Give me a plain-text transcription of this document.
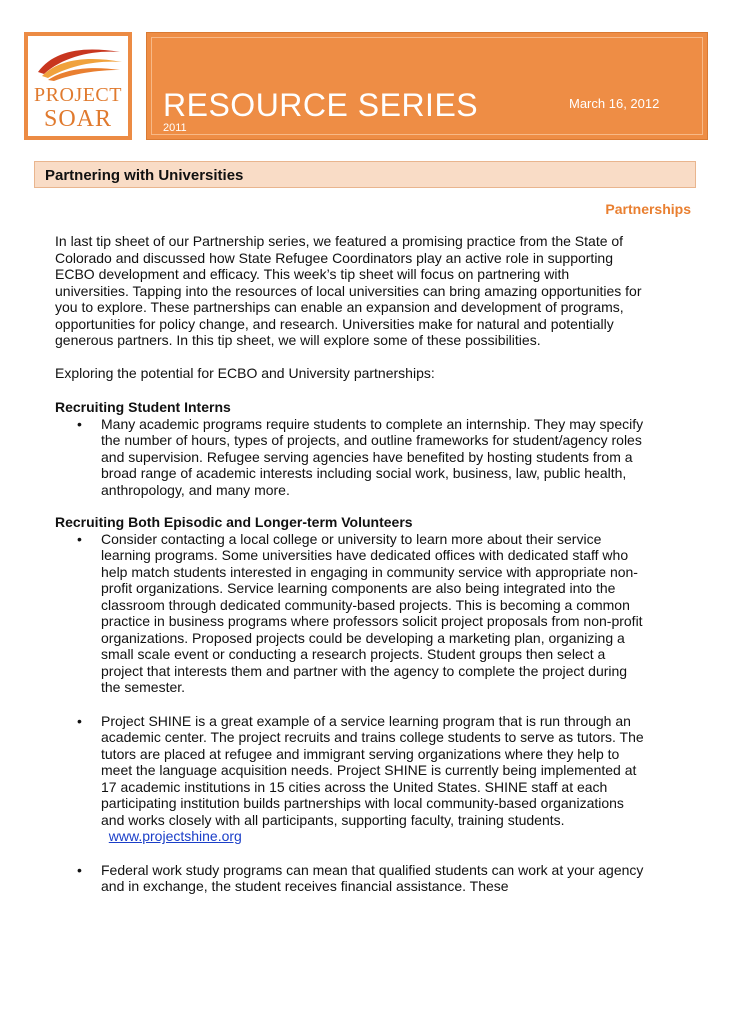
PROJECT
SOAR	RESOURCE SERIES
2011
March 16, 2012
Partnering with Universities
Partnerships

In last tip sheet of our Partnership series, we featured a promising practice from the State of Colorado and discussed how State Refugee Coordinators play an active role in supporting ECBO development and efficacy. This week’s tip sheet will focus on partnering with universities. Tapping into the resources of local universities can bring amazing opportunities for you to explore. These partnerships can enable an expansion and development of programs, opportunities for policy change, and research. Universities make for natural and potentially generous partners. In this tip sheet, we will explore some of these possibilities.

Exploring the potential for ECBO and University partnerships:

Recruiting Student Interns

• Many academic programs require students to complete an internship. They may specify the number of hours, types of projects, and outline frameworks for student/agency roles and supervision. Refugee serving agencies have benefited by hosting students from a broad range of academic interests including social work, business, law, public health, anthropology, and many more.

Recruiting Both Episodic and Longer-term Volunteers

• Consider contacting a local college or university to learn more about their service learning programs. Some universities have dedicated offices with dedicated staff who help match students interested in engaging in community service with appropriate non-profit organizations. Service learning components are also being integrated into the classroom through dedicated community-based projects. This is becoming a common practice in business programs where professors solicit project proposals from non-profit organizations. Proposed projects could be developing a marketing plan, organizing a small scale event or conducting a research projects. Student groups then select a project that interests them and partner with the agency to complete the project during the semester.
• Project SHINE is a great example of a service learning program that is run through an academic center. The project recruits and trains college students to serve as tutors. The tutors are placed at refugee and immigrant serving organizations where they help to meet the language acquisition needs. Project SHINE is currently being implemented at 17 academic institutions in 15 cities across the United States. SHINE staff at each participating institution builds partnerships with local community-based organizations and works closely with all participants, supporting faculty, training students.   www.projectshine.org
• Federal work study programs can mean that qualified students can work at your agency and in exchange, the student receives financial assistance. These
